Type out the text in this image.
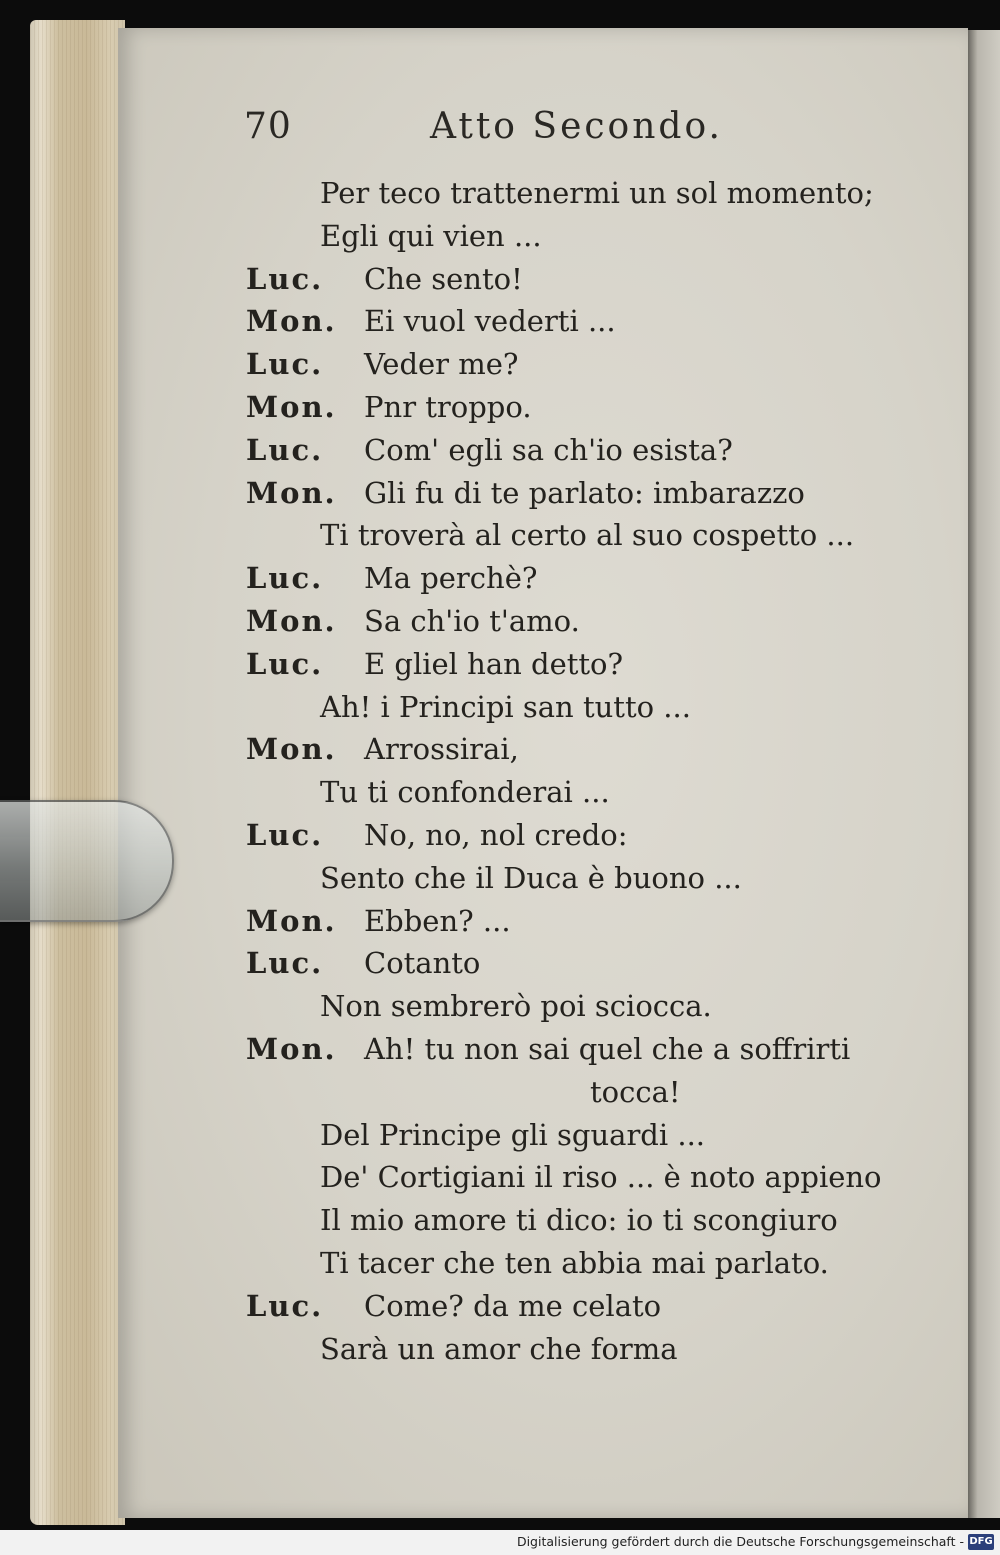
70	Atto Secondo.
Per teco trattenermi un sol momento;
Egli qui vien ...
Luc. Che sento!
Mon. Ei vuol vederti ...
Luc. Veder me?
Mon. Pnr troppo.
Luc. Com' egli sa ch'io esista?
Mon. Gli fu di te parlato: imbarazzo
Ti troverà al certo al suo cospetto ...
Luc. Ma perchè?
Mon. Sa ch'io t'amo.
Luc. E gliel han detto?
Ah! i Principi san tutto ...
Mon. Arrossirai,
Tu ti confonderai ...
Luc. No, no, nol credo:
Sento che il Duca è buono ...
Mon. Ebben? ...
Luc. Cotanto
Non sembrerò poi sciocca.
Mon. Ah! tu non sai quel che a soffrirti
tocca!
Del Principe gli sguardi ...
De' Cortigiani il riso ... è noto appieno
Il mio amore ti dico: io ti scongiuro
Ti tacer che ten abbia mai parlato.
Luc. Come? da me celato
Sarà un amor che forma
Digitalisierung gefördert durch die Deutsche Forschungsgemeinschaft - DFG
